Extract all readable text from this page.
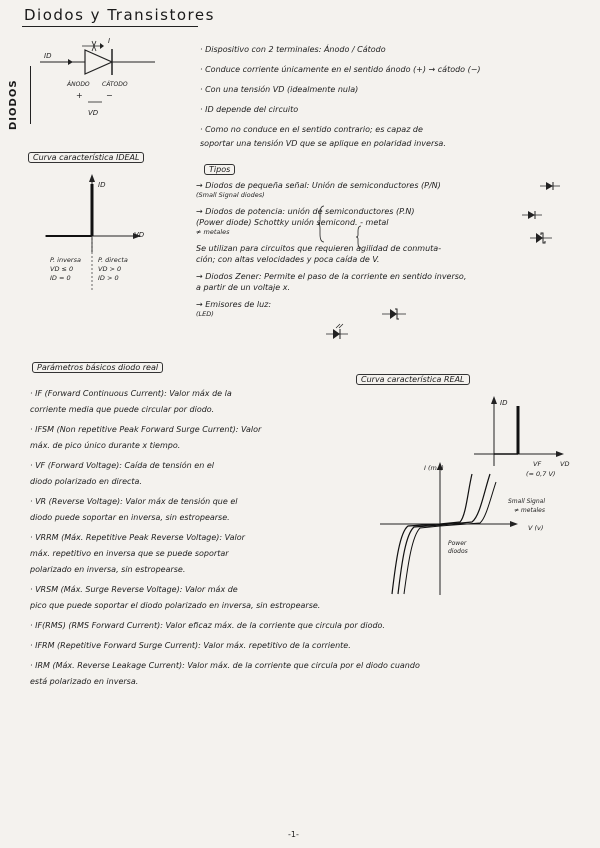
Diodos y Transistores
DIODOS
ID
I
ÁNODO CÁTODO
+	−
VD
· Dispositivo con 2 terminales: Ánodo / Cátodo
· Conduce corriente únicamente en el sentido ánodo (+) → cátodo (−)
· Con una tensión VD (idealmente nula)
· ID depende del circuito
· Como no conduce en el sentido contrario; es capaz de
soportar una tensión VD que se aplique en polaridad inversa.
Curva característica IDEAL
ID
VD
P. inversa
VD ≤ 0
ID = 0
P. directa
VD > 0
ID > 0
Tipos
→ Diodos de pequeña señal: Unión de semiconductores (P/N)
(Small Signal diodes)
→ Diodos de potencia: unión de semiconductores (P.N)
(Power diode) Schottky unión semicond. - metal
≠ metales
Se utilizan para circuitos que requieren agilidad de conmuta-
ción; con altas velocidades y poca caída de V.
→ Diodos Zener: Permite el paso de la corriente en sentido inverso,
a partir de un voltaje x.
→ Emisores de luz:
(LED)
Parámetros básicos diodo real
· IF (Forward Continuous Current): Valor máx de la
corriente media que puede circular por diodo.
· IFSM (Non repetitive Peak Forward Surge Current): Valor
máx. de pico único durante x tiempo.
· VF (Forward Voltage): Caída de tensión en el
diodo polarizado en directa.
· VR (Reverse Voltage): Valor máx de tensión que el
diodo puede soportar en inversa, sin estropearse.
· VRRM (Máx. Repetitive Peak Reverse Voltage): Valor
máx. repetitivo en inversa que se puede soportar
polarizado en inversa, sin estropearse.
· VRSM (Máx. Surge Reverse Voltage): Valor máx de
pico que puede soportar el diodo polarizado en inversa, sin estropearse.
· IF(RMS) (RMS Forward Current): Valor eficaz máx. de la corriente que circula por diodo.
· IFRM (Repetitive Forward Surge Current): Valor máx. repetitivo de la corriente.
· IRM (Máx. Reverse Leakage Current): Valor máx. de la corriente que circula por el diodo cuando
está polarizado en inversa.
Curva característica REAL
ID
VF	VD
(≈ 0,7 V)
I (mA)
V (v)
Small Signal
≠ metales
Power
diodos
-1-
